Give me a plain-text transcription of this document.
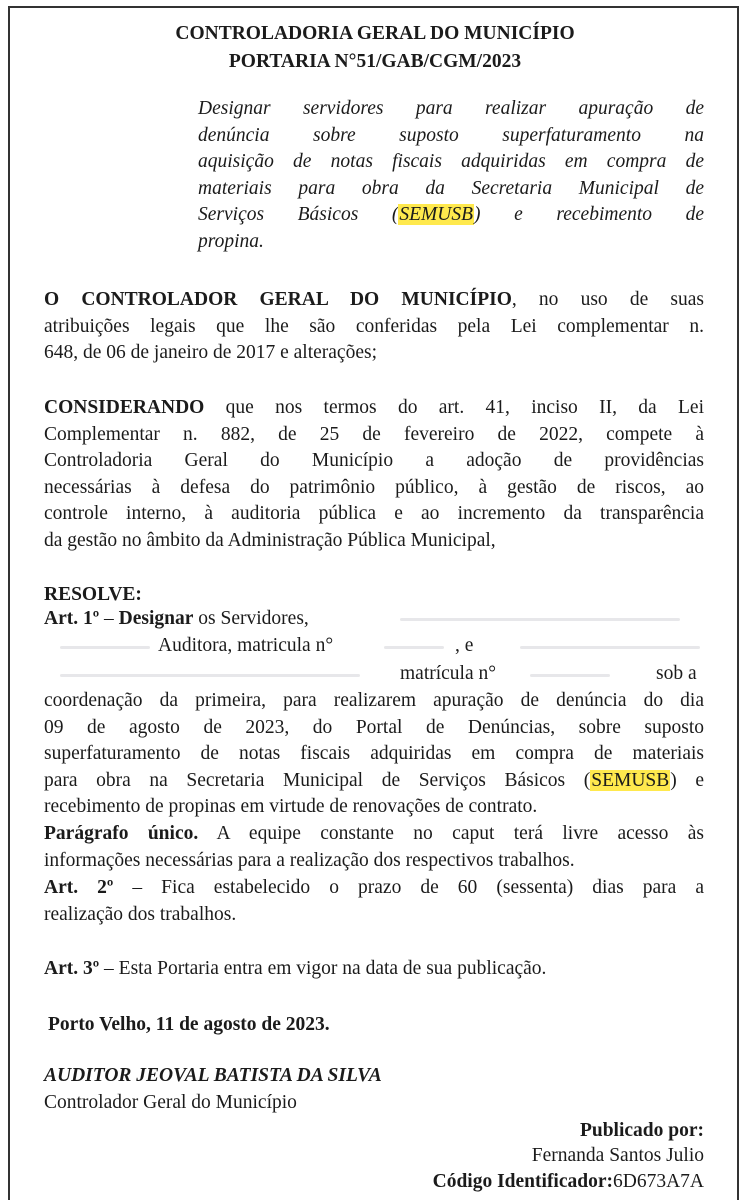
CONTROLADORIA GERAL DO MUNICÍPIO
PORTARIA N°51/GAB/CGM/2023
Designar servidores para realizar apuração de
denúncia sobre suposto superfaturamento na
aquisição de notas fiscais adquiridas em compra de
materiais para obra da Secretaria Municipal de
Serviços Básicos (SEMUSB) e recebimento de
propina.
O CONTROLADOR GERAL DO MUNICÍPIO, no uso de suas
atribuições legais que lhe são conferidas pela Lei complementar n.
648, de 06 de janeiro de 2017 e alterações;
CONSIDERANDO que nos termos do art. 41, inciso II, da Lei
Complementar n. 882, de 25 de fevereiro de 2022, compete à
Controladoria Geral do Município a adoção de providências
necessárias à defesa do patrimônio público, à gestão de riscos, ao
controle interno, à auditoria pública e ao incremento da transparência
da gestão no âmbito da Administração Pública Municipal,
RESOLVE:
Art. 1º – Designar os Servidores,
Auditora, matricula n°	, e
matrícula n°	sob a
coordenação da primeira, para realizarem apuração de denúncia do dia
09 de agosto de 2023, do Portal de Denúncias, sobre suposto
superfaturamento de notas fiscais adquiridas em compra de materiais
para obra na Secretaria Municipal de Serviços Básicos (SEMUSB) e
recebimento de propinas em virtude de renovações de contrato.
Parágrafo único. A equipe constante no caput terá livre acesso às
informações necessárias para a realização dos respectivos trabalhos.
Art. 2º – Fica estabelecido o prazo de 60 (sessenta) dias para a
realização dos trabalhos.
Art. 3º – Esta Portaria entra em vigor na data de sua publicação.
Porto Velho, 11 de agosto de 2023.
AUDITOR JEOVAL BATISTA DA SILVA
Controlador Geral do Município
Publicado por:
Fernanda Santos Julio
Código Identificador:6D673A7A
